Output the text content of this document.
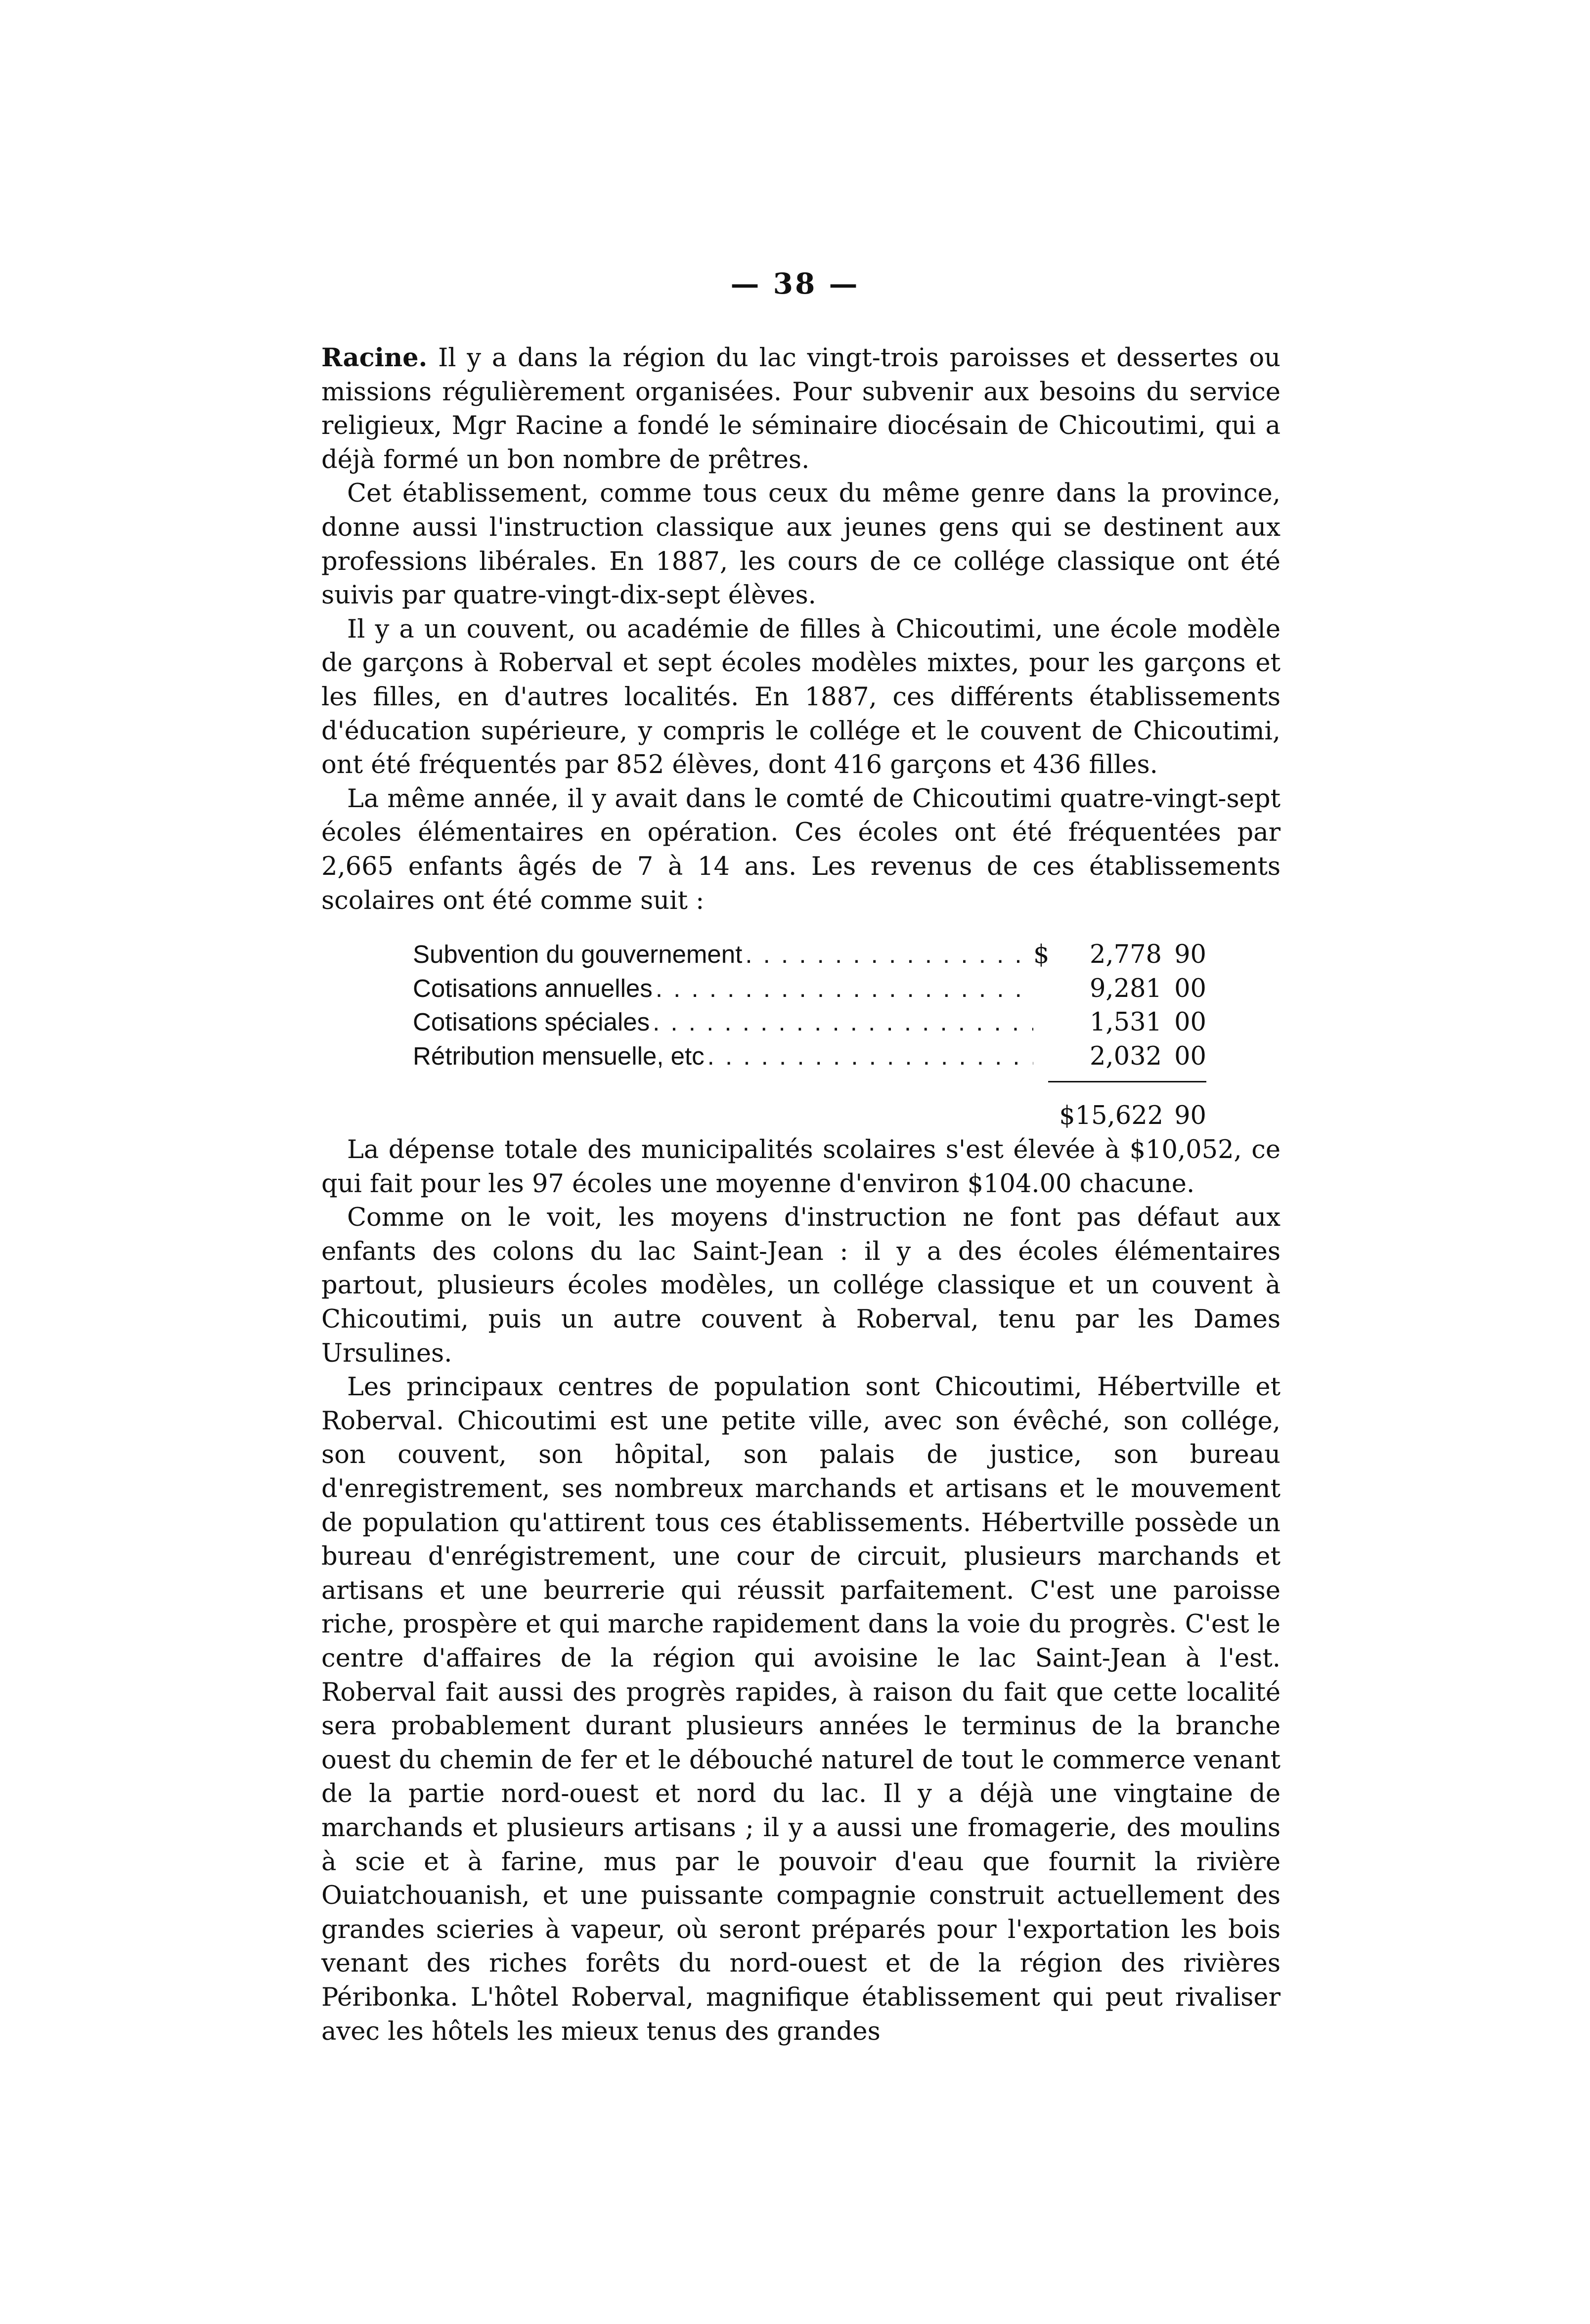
— 38 —

Racine. Il y a dans la région du lac vingt-trois paroisses et dessertes ou missions régulièrement organisées. Pour subvenir aux besoins du service religieux, Mgr Racine a fondé le séminaire diocésain de Chicoutimi, qui a déjà formé un bon nombre de prêtres.

Cet établissement, comme tous ceux du même genre dans la province, donne aussi l'instruction classique aux jeunes gens qui se destinent aux professions libérales. En 1887, les cours de ce collége classique ont été suivis par quatre-vingt-dix-sept élèves.

Il y a un couvent, ou académie de filles à Chicoutimi, une école modèle de garçons à Roberval et sept écoles modèles mixtes, pour les garçons et les filles, en d'autres localités. En 1887, ces différents établissements d'éducation supérieure, y compris le collége et le couvent de Chicoutimi, ont été fréquentés par 852 élèves, dont 416 garçons et 436 filles.

La même année, il y avait dans le comté de Chicoutimi quatre-vingt-sept écoles élémentaires en opération. Ces écoles ont été fréquentées par 2,665 enfants âgés de 7 à 14 ans. Les revenus de ces établissements scolaires ont été comme suit :

Subvention du gouvernement . . .	$	2,778 90
Cotisations annuelles . . .	9,281 00
Cotisations spéciales . . .	1,531 00
Rétribution mensuelle, etc . . .	2,032 00
$15,622 90

La dépense totale des municipalités scolaires s'est élevée à $10,052, ce qui fait pour les 97 écoles une moyenne d'environ $104.00 chacune.

Comme on le voit, les moyens d'instruction ne font pas défaut aux enfants des colons du lac Saint-Jean : il y a des écoles élémentaires partout, plusieurs écoles modèles, un collége classique et un couvent à Chicoutimi, puis un autre couvent à Roberval, tenu par les Dames Ursulines.

Les principaux centres de population sont Chicoutimi, Hébertville et Roberval. Chicoutimi est une petite ville, avec son évêché, son collége, son couvent, son hôpital, son palais de justice, son bureau d'enregistrement, ses nombreux marchands et artisans et le mouvement de population qu'attirent tous ces établissements. Hébertville possède un bureau d'enrégistrement, une cour de circuit, plusieurs marchands et artisans et une beurrerie qui réussit parfaitement. C'est une paroisse riche, prospère et qui marche rapidement dans la voie du progrès. C'est le centre d'affaires de la région qui avoisine le lac Saint-Jean à l'est. Roberval fait aussi des progrès rapides, à raison du fait que cette localité sera probablement durant plusieurs années le terminus de la branche ouest du chemin de fer et le débouché naturel de tout le commerce venant de la partie nord-ouest et nord du lac. Il y a déjà une vingtaine de marchands et plusieurs artisans ; il y a aussi une fromagerie, des moulins à scie et à farine, mus par le pouvoir d'eau que fournit la rivière Ouiatchouanish, et une puissante compagnie construit actuellement des grandes scieries à vapeur, où seront préparés pour l'exportation les bois venant des riches forêts du nord-ouest et de la région des rivières Péribonka. L'hôtel Roberval, magnifique établissement qui peut rivaliser avec les hôtels les mieux tenus des grandes
